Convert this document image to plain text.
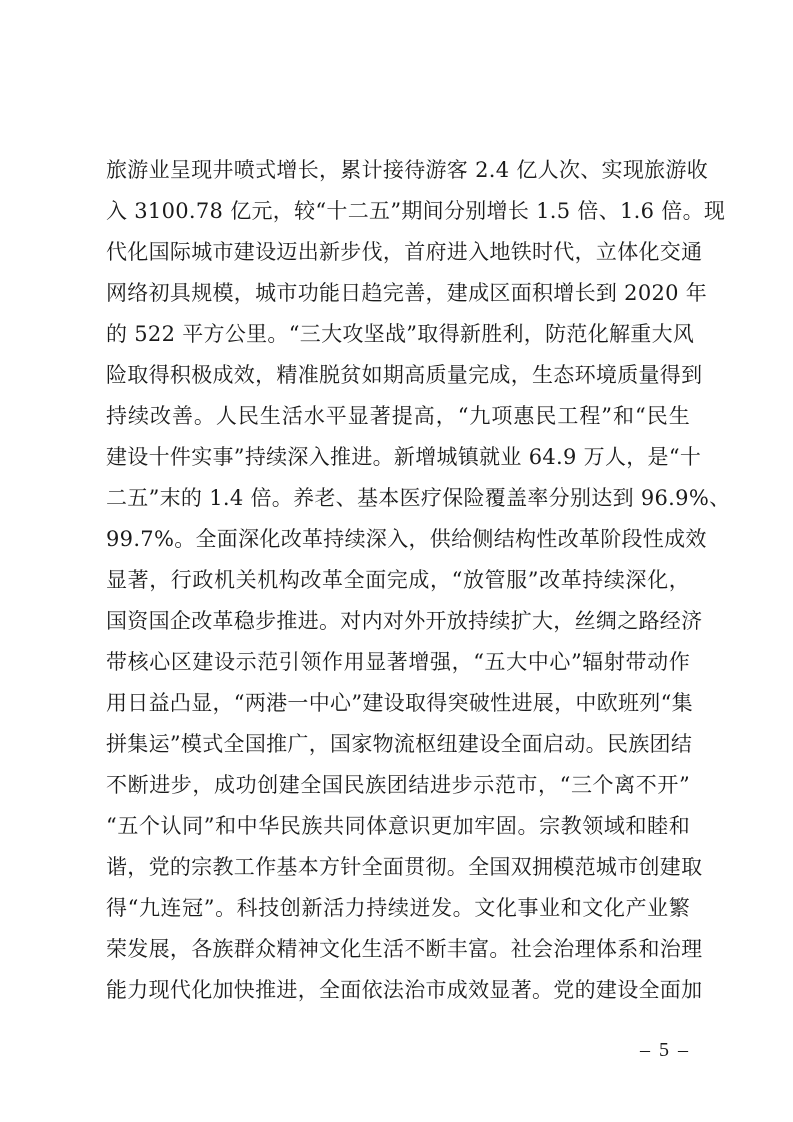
旅游业呈现井喷式增长，累计接待游客 2.4 亿人次、实现旅游收
入 3100.78 亿元，较“十二五”期间分别增长 1.5 倍、1.6 倍。现
代化国际城市建设迈出新步伐，首府进入地铁时代，立体化交通
网络初具规模，城市功能日趋完善，建成区面积增长到 2020 年
的 522 平方公里。“三大攻坚战”取得新胜利，防范化解重大风
险取得积极成效，精准脱贫如期高质量完成，生态环境质量得到
持续改善。人民生活水平显著提高，“九项惠民工程”和“民生
建设十件实事”持续深入推进。新增城镇就业 64.9 万人，是“十
二五”末的 1.4 倍。养老、基本医疗保险覆盖率分别达到 96.9%、
99.7%。全面深化改革持续深入，供给侧结构性改革阶段性成效
显著，行政机关机构改革全面完成，“放管服”改革持续深化，
国资国企改革稳步推进。对内对外开放持续扩大，丝绸之路经济
带核心区建设示范引领作用显著增强，“五大中心”辐射带动作
用日益凸显，“两港一中心”建设取得突破性进展，中欧班列“集
拼集运”模式全国推广，国家物流枢纽建设全面启动。民族团结
不断进步，成功创建全国民族团结进步示范市，“三个离不开”
“五个认同”和中华民族共同体意识更加牢固。宗教领域和睦和
谐，党的宗教工作基本方针全面贯彻。全国双拥模范城市创建取
得“九连冠”。科技创新活力持续迸发。文化事业和文化产业繁
荣发展，各族群众精神文化生活不断丰富。社会治理体系和治理
能力现代化加快推进，全面依法治市成效显著。党的建设全面加
– 5 –
